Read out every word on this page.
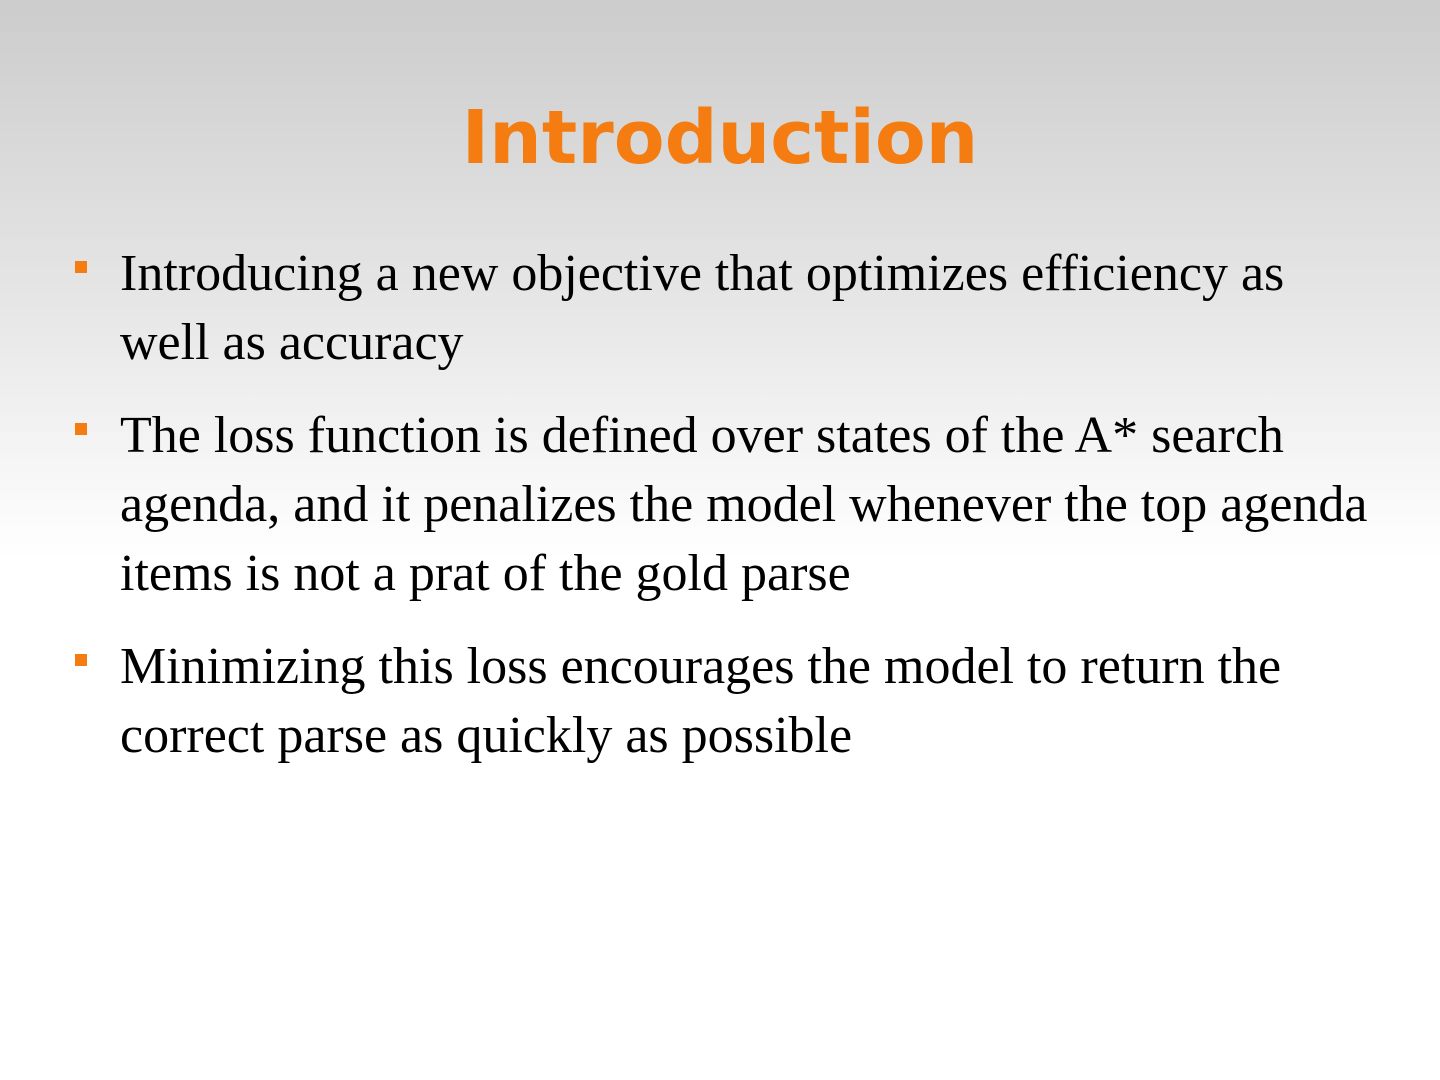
Introduction
Introducing a new objective that optimizes efficiency as well as accuracy
The loss function is defined over states of the A* search agenda, and it penalizes the model whenever the top agenda items is not a prat of the gold parse
Minimizing this loss encourages the model to return the correct parse as quickly as possible
